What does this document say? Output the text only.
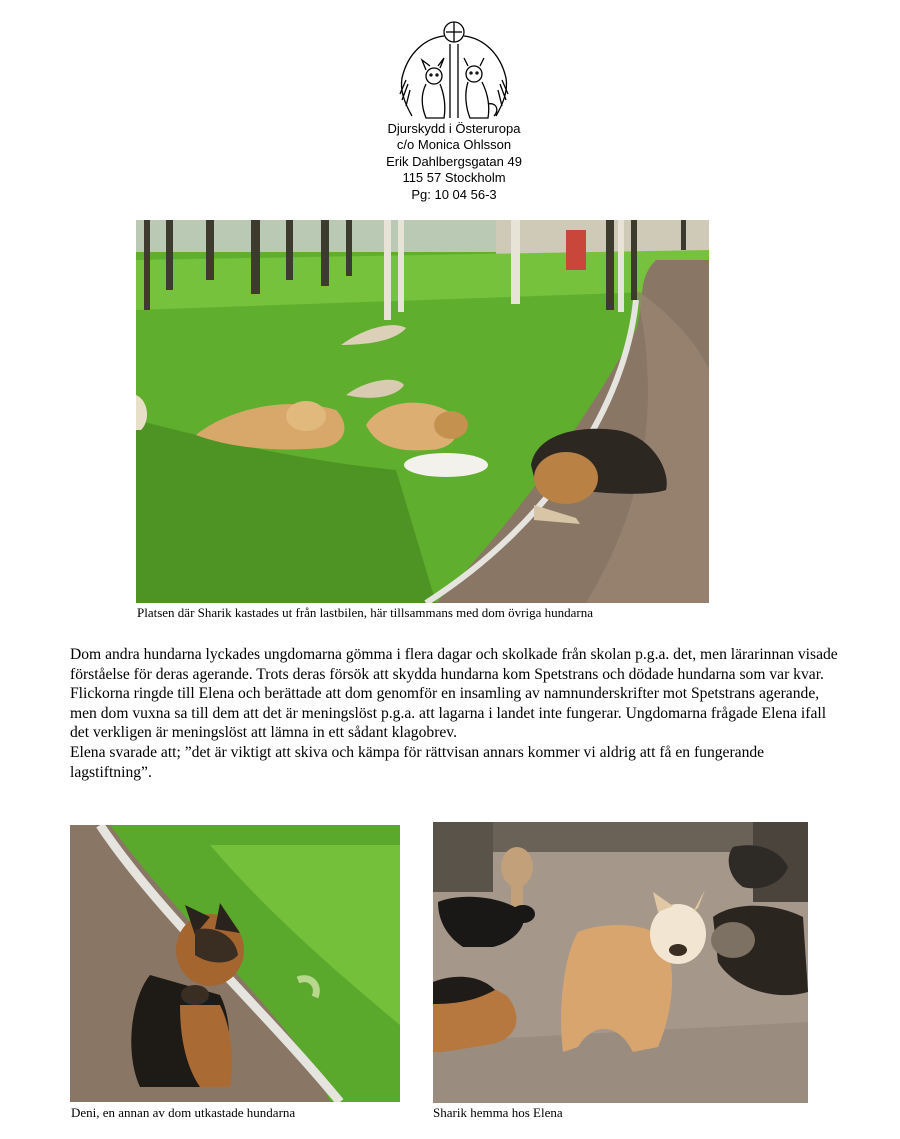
Djurskydd i Österuropa
c/o Monica Ohlsson
Erik Dahlbergsgatan 49
115 57 Stockholm
Pg: 10 04 56-3
Platsen där Sharik kastades ut från lastbilen, här tillsammans med dom övriga hundarna

Dom andra hundarna lyckades ungdomarna gömma i flera dagar och skolkade från skolan p.g.a. det, men lärarinnan visade förståelse för deras agerande. Trots deras försök att skydda hundarna kom Spetstrans och dödade hundarna som var kvar. Flickorna ringde till Elena och berättade att dom genomför en insamling av namnunderskrifter mot Spetstrans agerande, men dom vuxna sa till dem att det är meningslöst p.g.a. att lagarna i landet inte fungerar. Ungdomarna frågade Elena ifall det verkligen är meningslöst att lämna in ett sådant klagobrev.

Elena svarade att; ”det är viktigt att skiva och kämpa för rättvisan annars kommer vi aldrig att få en fungerande lagstiftning”.

Deni, en annan av dom utkastade hundarna	Sharik hemma hos Elena
